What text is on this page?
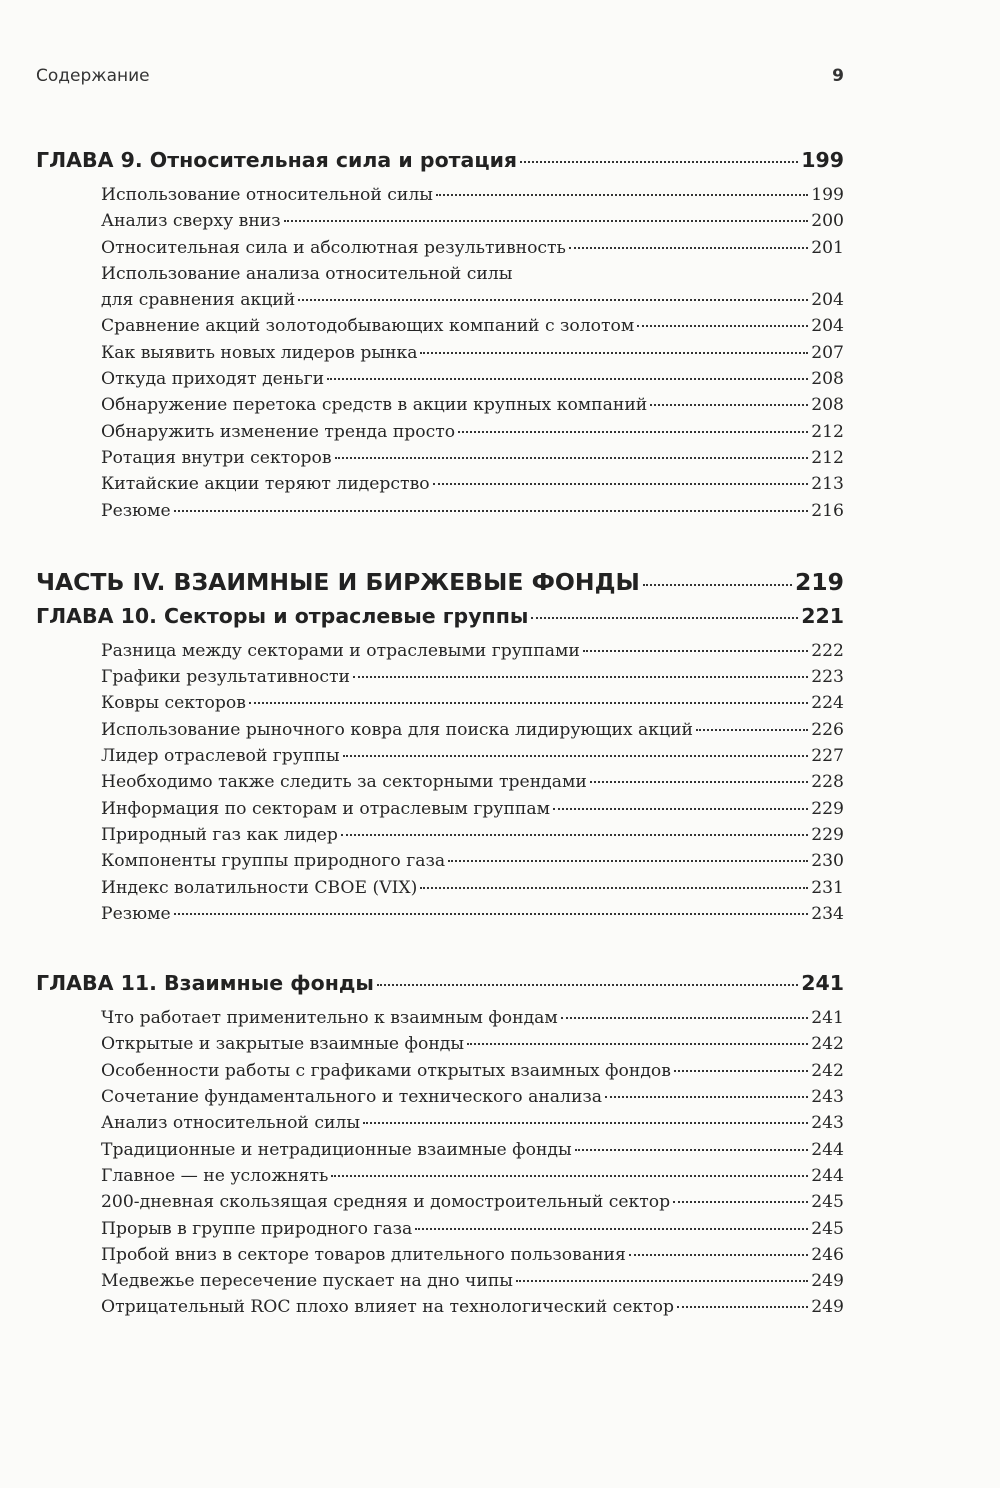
Содержание	9
ГЛАВА 9. Относительная сила и ротация	199
Использование относительной силы	199
Анализ сверху вниз	200
Относительная сила и абсолютная результивность	201
Использование анализа относительной силы
для сравнения акций	204
Сравнение акций золотодобывающих компаний с золотом	204
Как выявить новых лидеров рынка	207
Откуда приходят деньги	208
Обнаружение перетока средств в акции крупных компаний	208
Обнаружить изменение тренда просто	212
Ротация внутри секторов	212
Китайские акции теряют лидерство	213
Резюме	216
ЧАСТЬ IV. ВЗАИМНЫЕ И БИРЖЕВЫЕ ФОНДЫ	219
ГЛАВА 10. Секторы и отраслевые группы	221
Разница между секторами и отраслевыми группами	222
Графики результативности	223
Ковры секторов	224
Использование рыночного ковра для поиска лидирующих акций	226
Лидер отраслевой группы	227
Необходимо также следить за секторными трендами	228
Информация по секторам и отраслевым группам	229
Природный газ как лидер	229
Компоненты группы природного газа	230
Индекс волатильности CBOE (VIX)	231
Резюме	234
ГЛАВА 11. Взаимные фонды	241
Что работает применительно к взаимным фондам	241
Открытые и закрытые взаимные фонды	242
Особенности работы с графиками открытых взаимных фондов	242
Сочетание фундаментального и технического анализа	243
Анализ относительной силы	243
Традиционные и нетрадиционные взаимные фонды	244
Главное — не усложнять	244
200-дневная скользящая средняя и домостроительный сектор	245
Прорыв в группе природного газа	245
Пробой вниз в секторе товаров длительного пользования	246
Медвежье пересечение пускает на дно чипы	249
Отрицательный ROC плохо влияет на технологический сектор	249
